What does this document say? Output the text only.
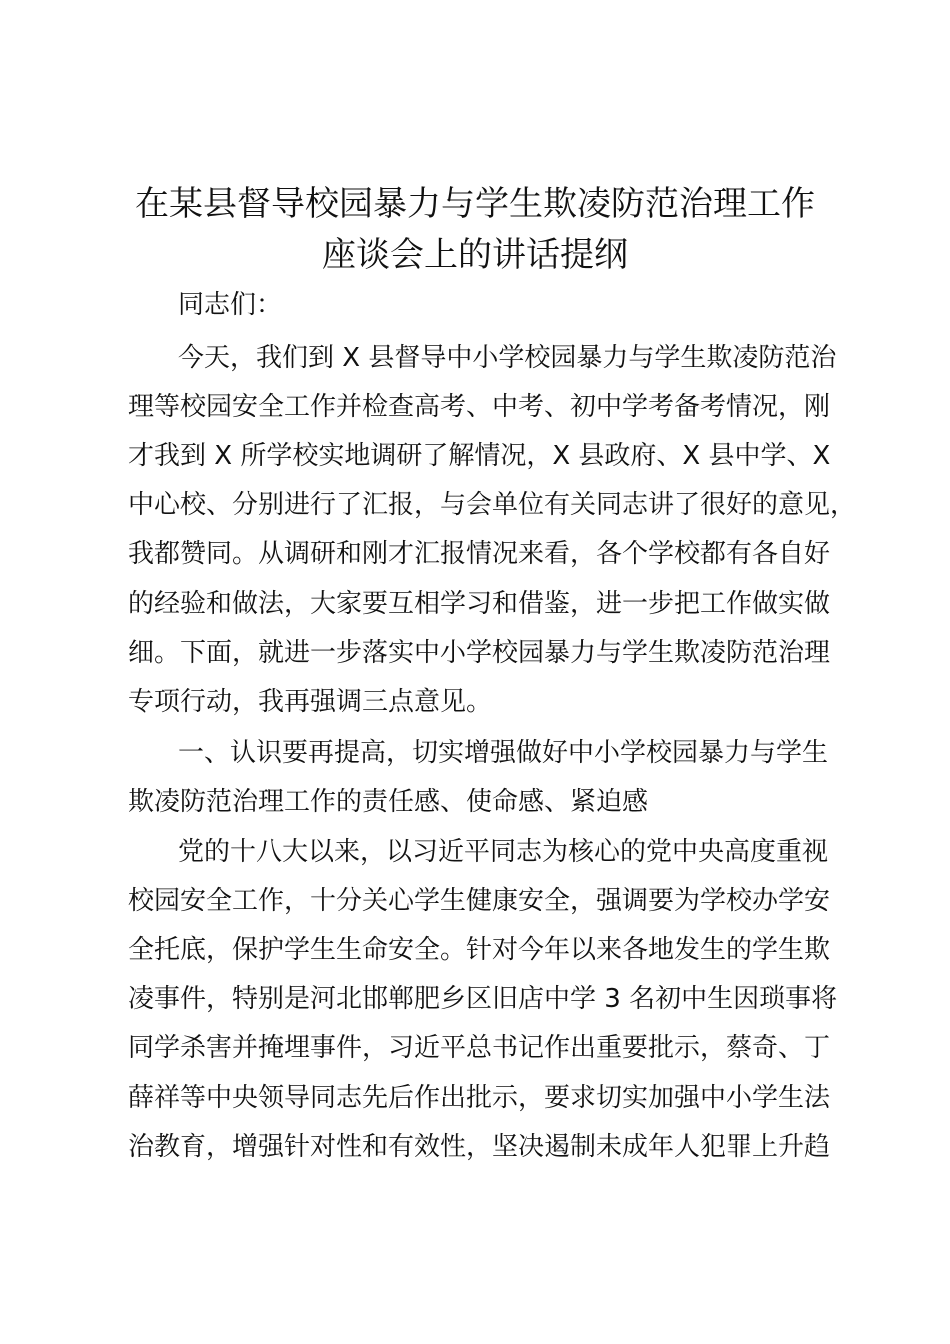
在某县督导校园暴力与学生欺凌防范治理工作
座谈会上的讲话提纲
同志们：
今天，我们到 X 县督导中小学校园暴力与学生欺凌防范治
理等校园安全工作并检查高考、中考、初中学考备考情况，刚
才我到 X 所学校实地调研了解情况，X 县政府、X 县中学、X
中心校、分别进行了汇报，与会单位有关同志讲了很好的意见，
我都赞同。从调研和刚才汇报情况来看，各个学校都有各自好
的经验和做法，大家要互相学习和借鉴，进一步把工作做实做
细。下面，就进一步落实中小学校园暴力与学生欺凌防范治理
专项行动，我再强调三点意见。
一、认识要再提高，切实增强做好中小学校园暴力与学生
欺凌防范治理工作的责任感、使命感、紧迫感
党的十八大以来，以习近平同志为核心的党中央高度重视
校园安全工作，十分关心学生健康安全，强调要为学校办学安
全托底，保护学生生命安全。针对今年以来各地发生的学生欺
凌事件，特别是河北邯郸肥乡区旧店中学 3 名初中生因琐事将
同学杀害并掩埋事件，习近平总书记作出重要批示，蔡奇、丁
薛祥等中央领导同志先后作出批示，要求切实加强中小学生法
治教育，增强针对性和有效性，坚决遏制未成年人犯罪上升趋
